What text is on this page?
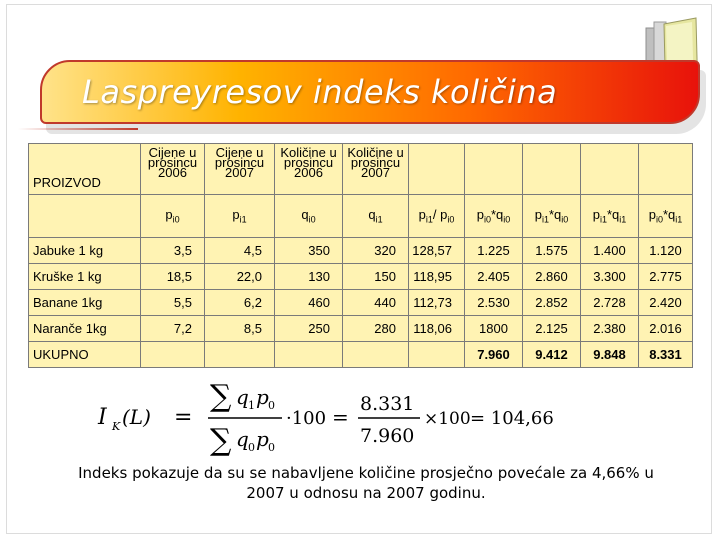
Laspreyresov indeks količina
PROIZVOD	Cijene u prosincu 2006	Cijene u prosincu 2007	Količine u prosincu 2006	Količine u prosincu 2007					
	$p_{i0}$	$p_{i1}$	$q_{i0}$	$q_{i1}$	$p_{i1}/$ $p_{i0}$	$p_{i0}*q_{i0}$	$p_{i1}*q_{i0}$	$p_{i1}*q_{i1}$	$p_{i0}*q_{i1}$
Jabuke 1 kg	3,5	4,5	350	320	128,57	1.225	1.575	1.400	1.120
Kruške 1 kg	18,5	22,0	130	150	118,95	2.405	2.860	3.300	2.775
Banane 1kg	5,5	6,2	460	440	112,73	2.530	2.852	2.728	2.420
Naranče 1kg	7,2	8,5	250	280	118,06	1800	2.125	2.380	2.016
UKUPNO						7.960	9.412	9.848	8.331
I K (L) =
∑ q 1 p 0
∑ q 0 p 0
·100 =
8.331
7.960
×100 = 104,66
Indeks pokazuje da su se nabavljene količine prosječno povećale za 4,66% u 2007 u odnosu na 2007 godinu.
